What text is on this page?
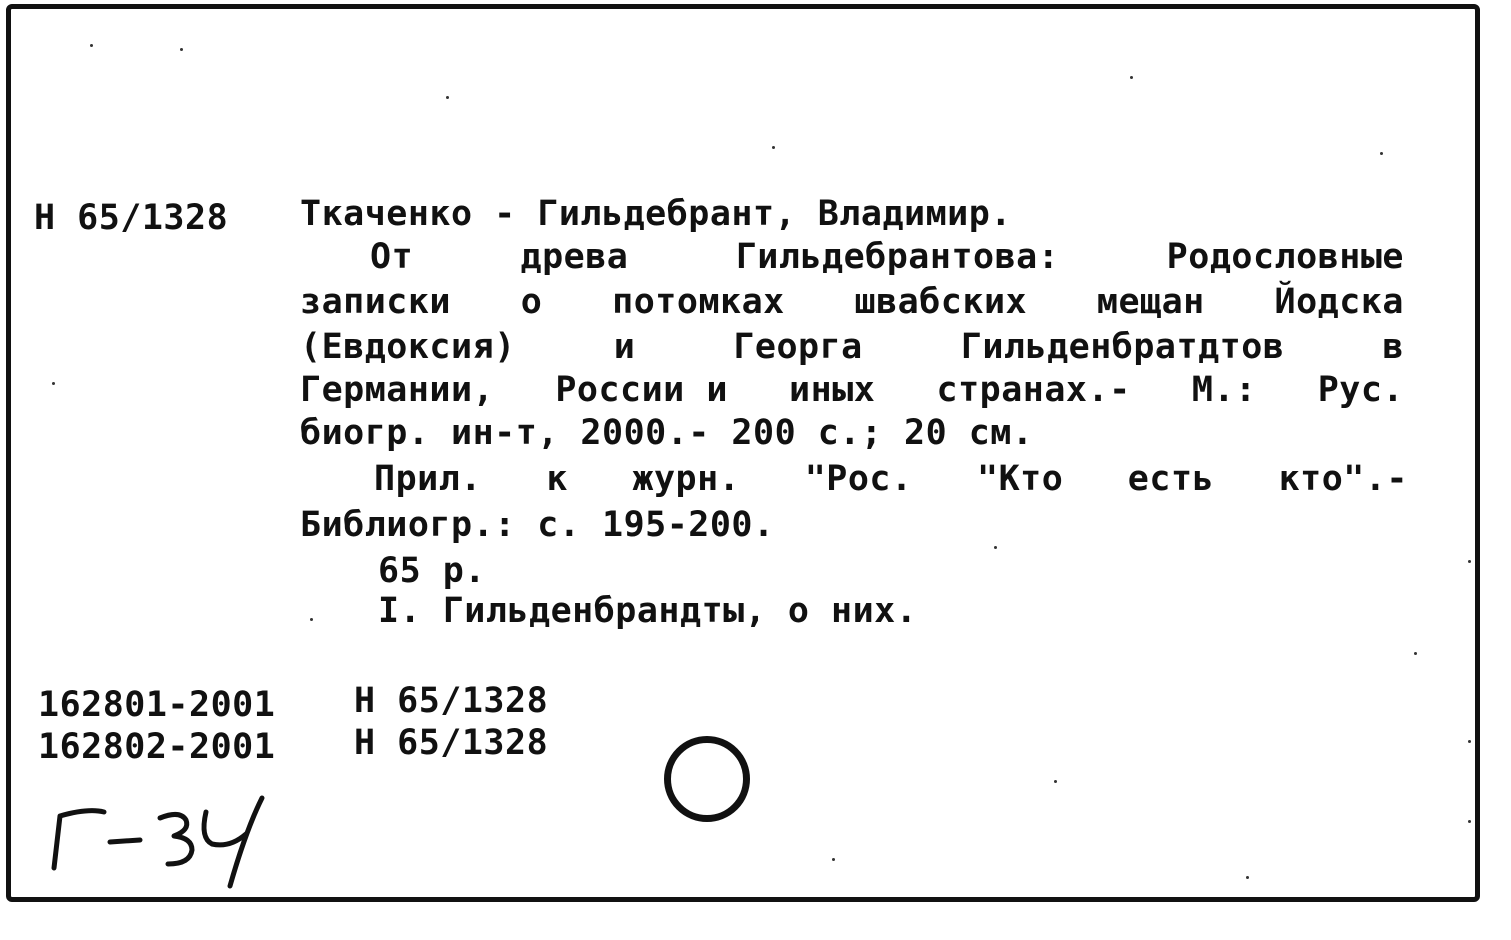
Н 65/1328 Ткаченко - Гильдебрант, Владимир.
От	древа	Гильдебрантова:	Родословные
записки о потомках швабских мещан Йодска
(Евдоксия)	и	Георга	Гильденбратдтов	в
Германии, России и иных странах.- М.: Рус.
биогр. ин-т, 2000.- 200 с.; 20 см.
Прил. к журн. "Рос. "Кто есть кто".-
Библиогр.: с. 195-200.
65 р.
I. Гильденбрандты, о них.
162801-2001 Н 65/1328
162802-2001 Н 65/1328
